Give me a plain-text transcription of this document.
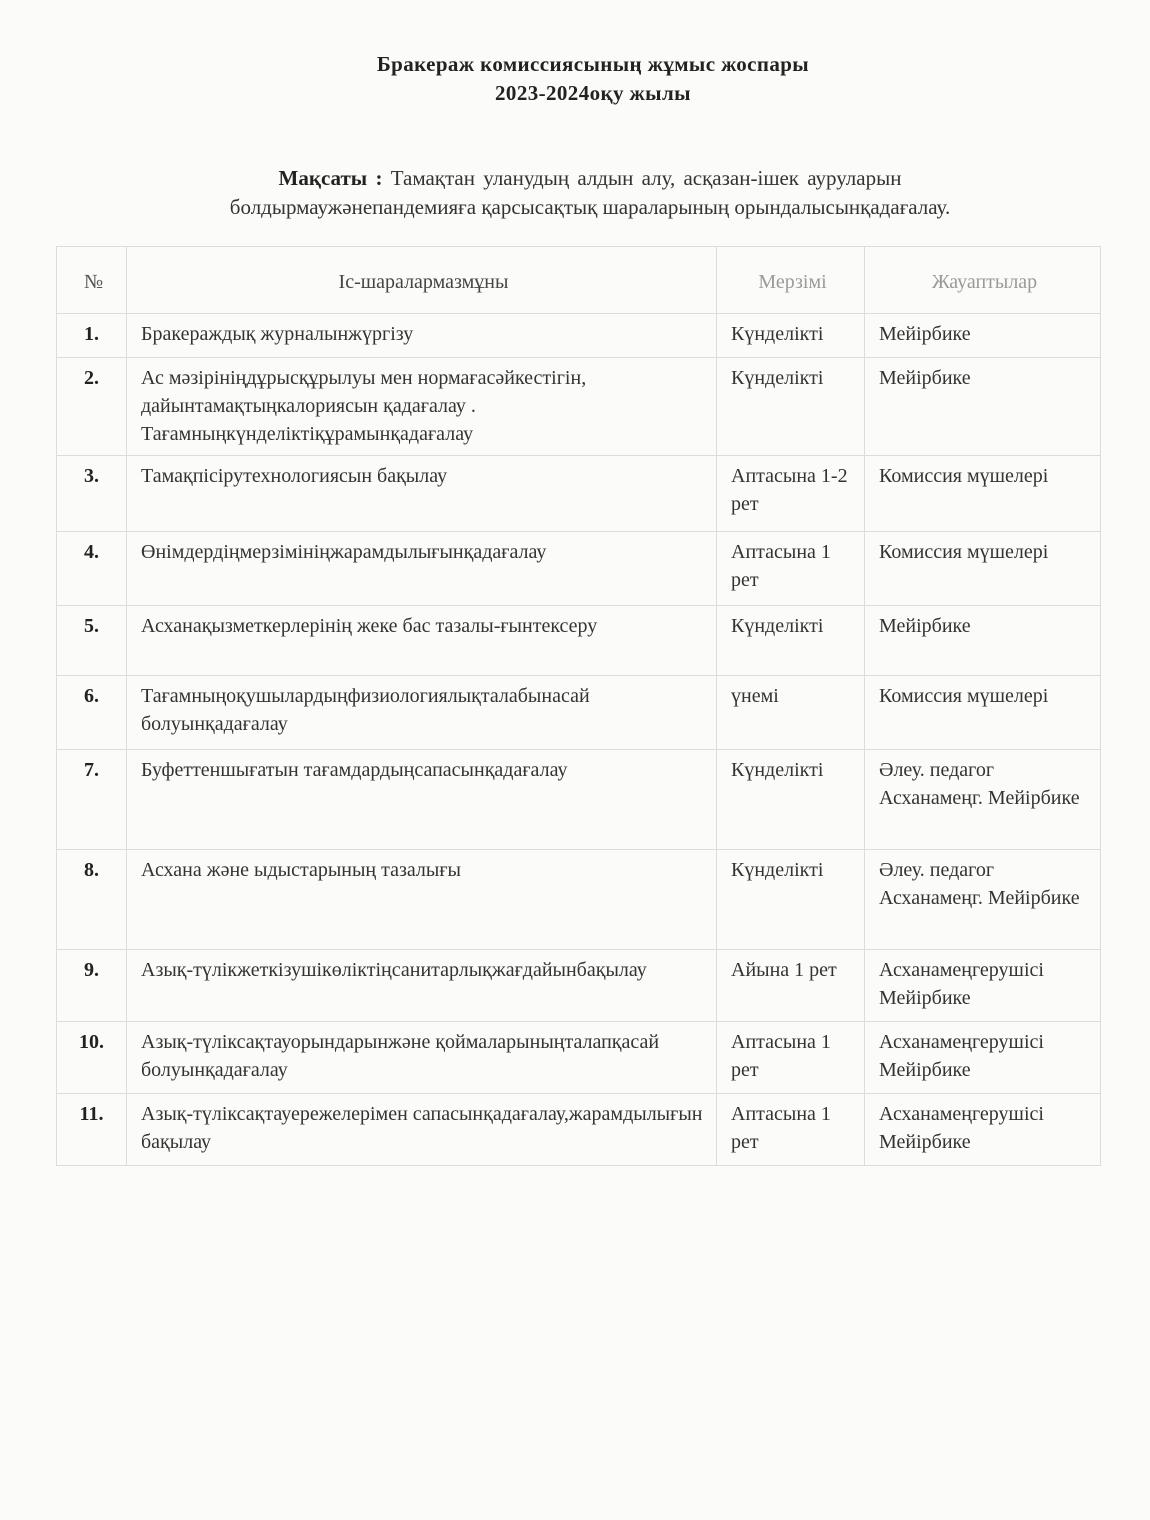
Бракераж комиссиясының жұмыс жоспары
2023-2024оқу жылы
Мақсаты : Тамақтан уланудың алдын алу, асқазан-ішек ауруларын
болдырмаужәнепандемияға қарсысақтық шараларының орындалысынқадағалау.
№	Іс-шаралармазмұны	Мерзімі	Жауаптылар
1.	Бракераждық журналынжүргізу	Күнделікті	Мейірбике
2.	Ас мәзірініңдұрысқұрылуы мен нормағасәйкестігін, дайынтамақтыңкалориясын қадағалау . Тағамныңкүнделіктіқұрамынқадағалау	Күнделікті	Мейірбике
3.	Тамақпісірутехнологиясын бақылау	Аптасына 1-2 рет	Комиссия мүшелері
4.	Өнімдердіңмерзімініңжарамдылығынқадағалау	Аптасына 1 рет	Комиссия мүшелері
5.	Асханақызметкерлерінің жеке бас тазалы-ғынтексеру	Күнделікті	Мейірбике
6.	Тағамныңоқушылардыңфизиологиялықталабынасай болуынқадағалау	үнемі	Комиссия мүшелері
7.	Буфеттеншығатын тағамдардыңсапасынқадағалау	Күнделікті	Әлеу. педагог Асханамеңг. Мейірбике
8.	Асхана және ыдыстарының тазалығы	Күнделікті	Әлеу. педагог Асханамеңг. Мейірбике
9.	Азық-түлікжеткізушікөліктіңсанитарлықжағдайынбақылау	Айына 1 рет	Асханамеңгерушісі Мейірбике
10.	Азық-түліксақтауорындарынжәне қоймаларыныңталапқасай болуынқадағалау	Аптасына 1 рет	Асханамеңгерушісі Мейірбике
11.	Азық-түліксақтауережелерімен сапасынқадағалау,жарамдылығын бақылау	Аптасына 1 рет	Асханамеңгерушісі Мейірбике
